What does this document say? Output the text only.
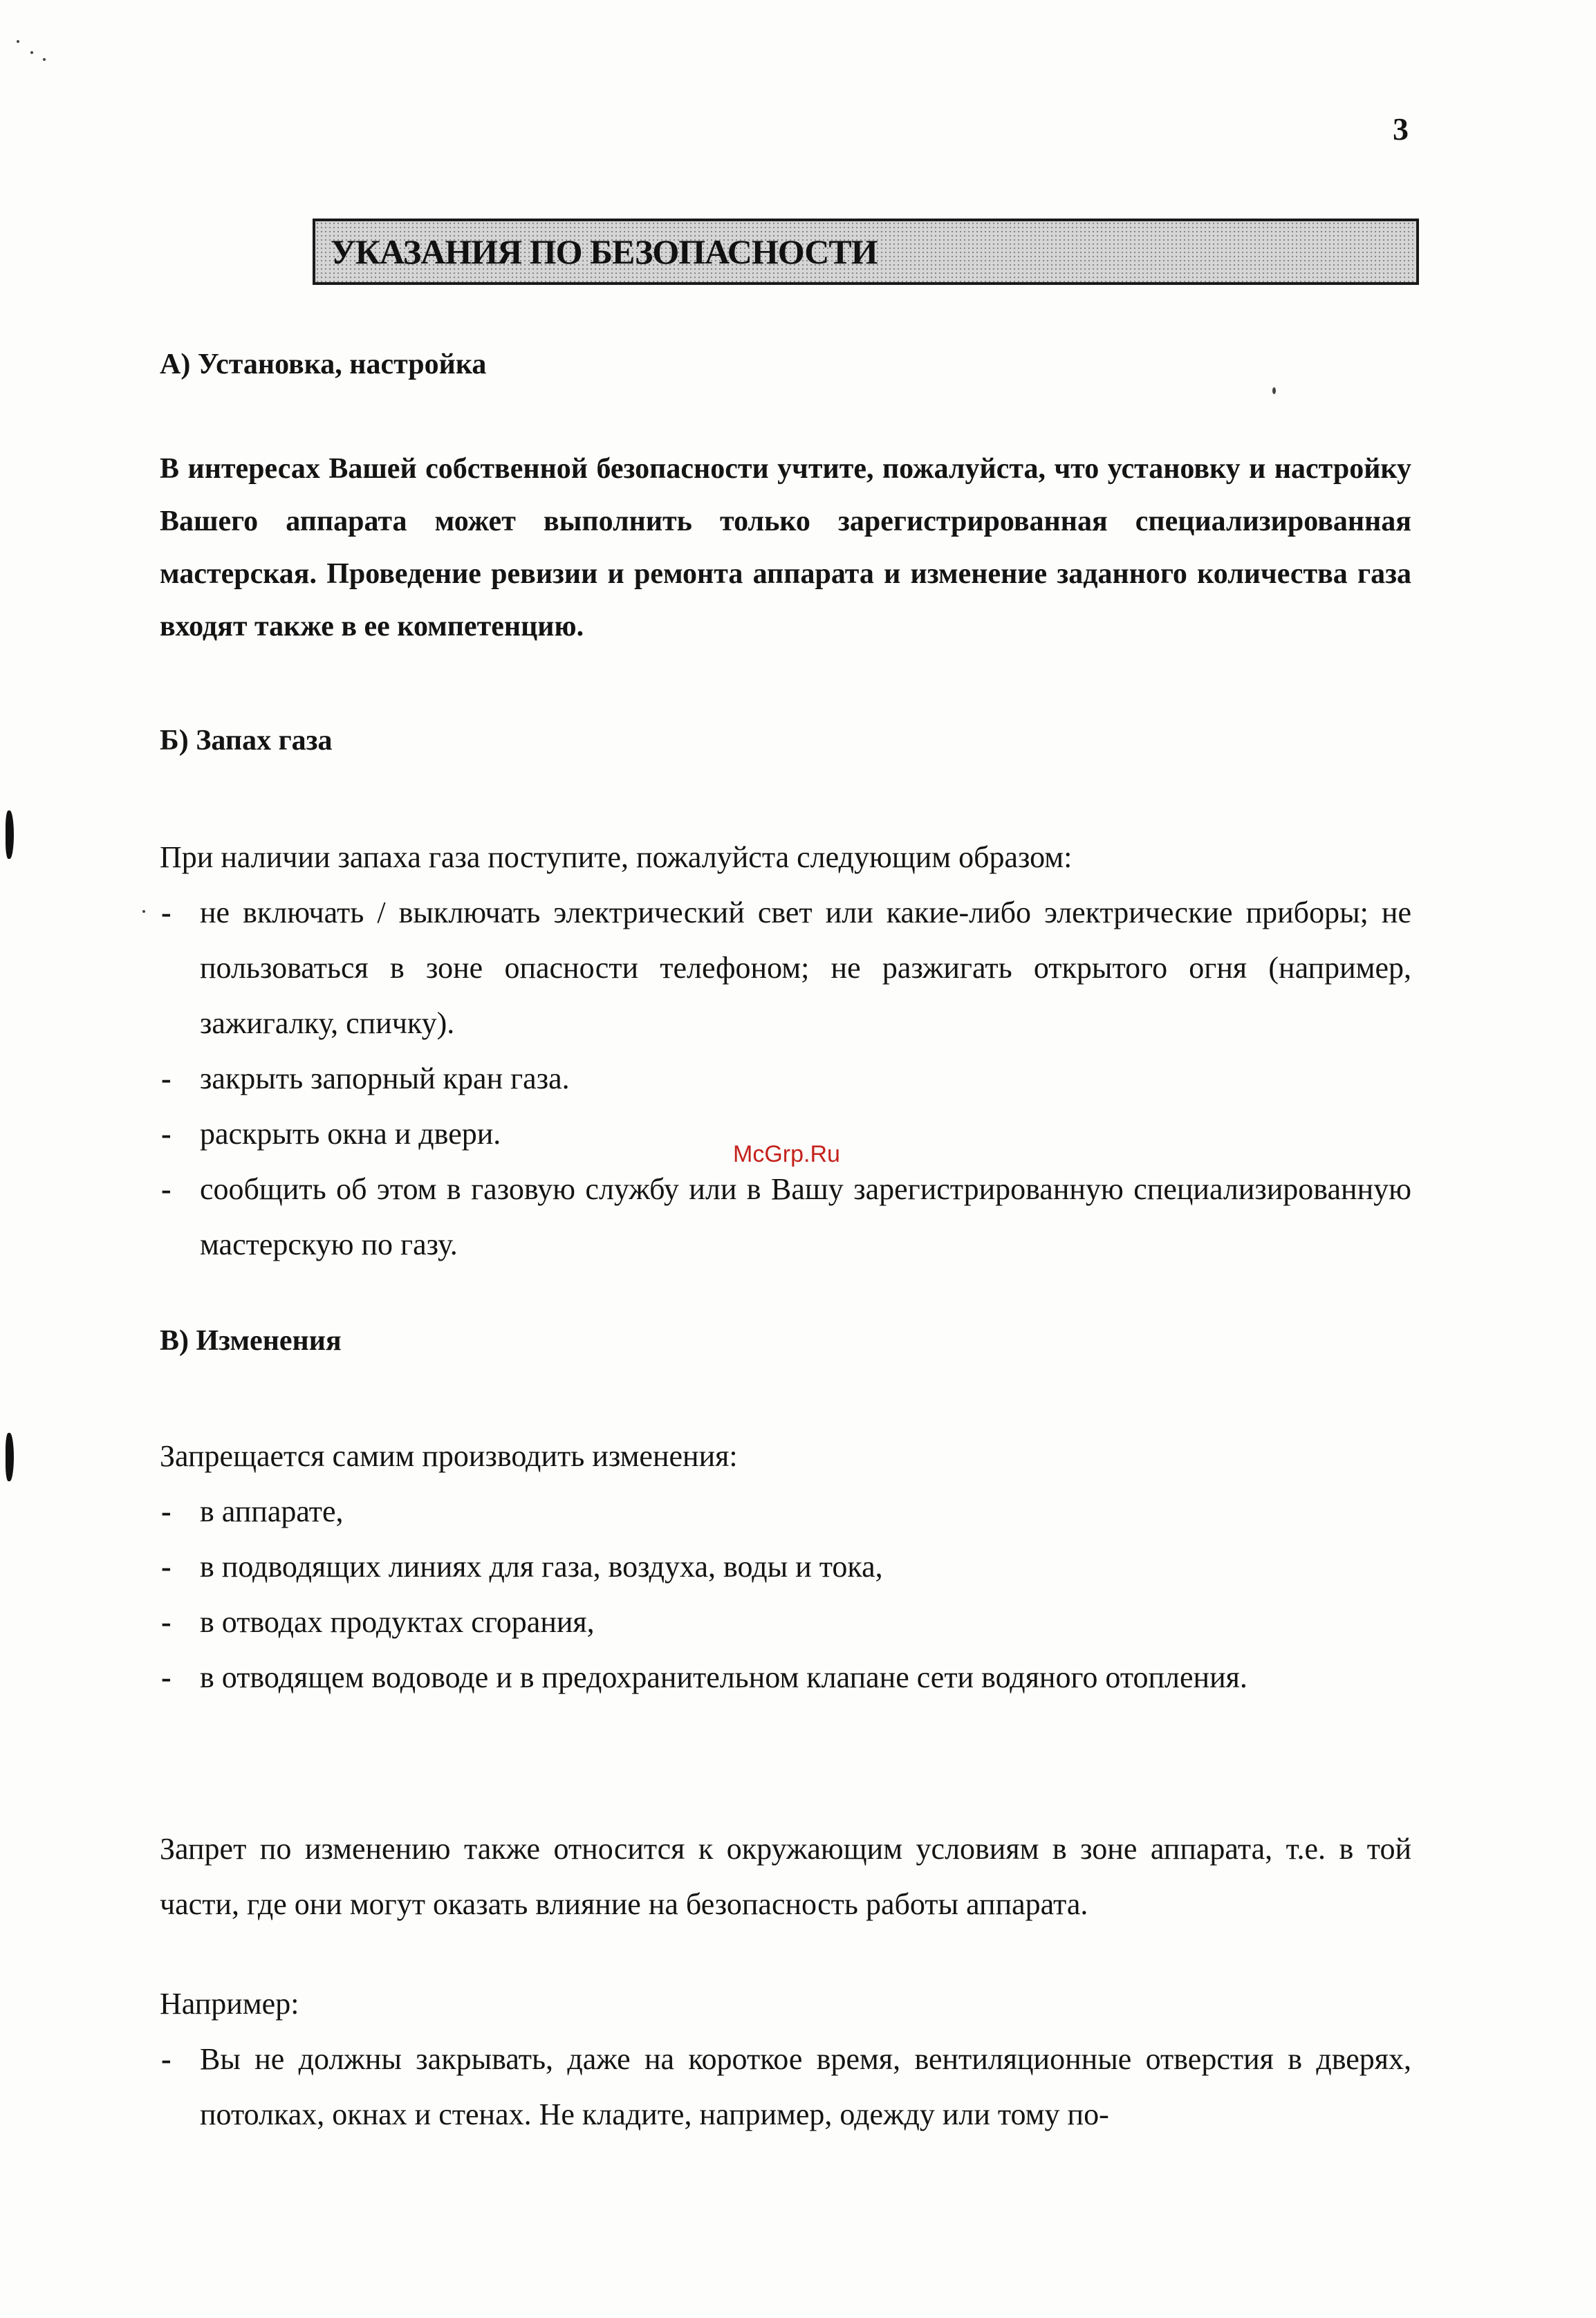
3
УКАЗАНИЯ ПО БЕЗОПАСНОСТИ
А) Установка, настройка
В интересах Вашей собственной безопасности учтите, пожалуйста, что установку и настройку Вашего аппарата может выполнить только зарегистрированная специализированная мастерская. Проведение ревизии и ремонта аппарата и изменение заданного количества газа входят также в ее компетенцию.
Б) Запах газа
При наличии запаха газа поступите, пожалуйста следующим образом:
- не включать / выключать электрический свет или какие-либо электрические приборы; не пользоваться в зоне опасности телефоном; не разжигать открытого огня (например, зажигалку, спичку).
- закрыть запорный кран газа.
- раскрыть окна и двери.
- сообщить об этом в газовую службу или в Вашу зарегистрированную специализированную мастерскую по газу.
McGrp.Ru
В) Изменения
Запрещается самим производить изменения:
- в аппарате,
- в подводящих линиях для газа, воздуха, воды и тока,
- в отводах продуктах сгорания,
- в отводящем водоводе и в предохранительном клапане сети водяного отопления.
Запрет по изменению также относится к окружающим условиям в зоне аппарата, т.е. в той части, где они могут оказать влияние на безопасность работы аппарата.
Например:
- Вы не должны закрывать, даже на короткое время, вентиляционные отверстия в дверях, потолках, окнах и стенах. Не кладите, например, одежду или тому по-
